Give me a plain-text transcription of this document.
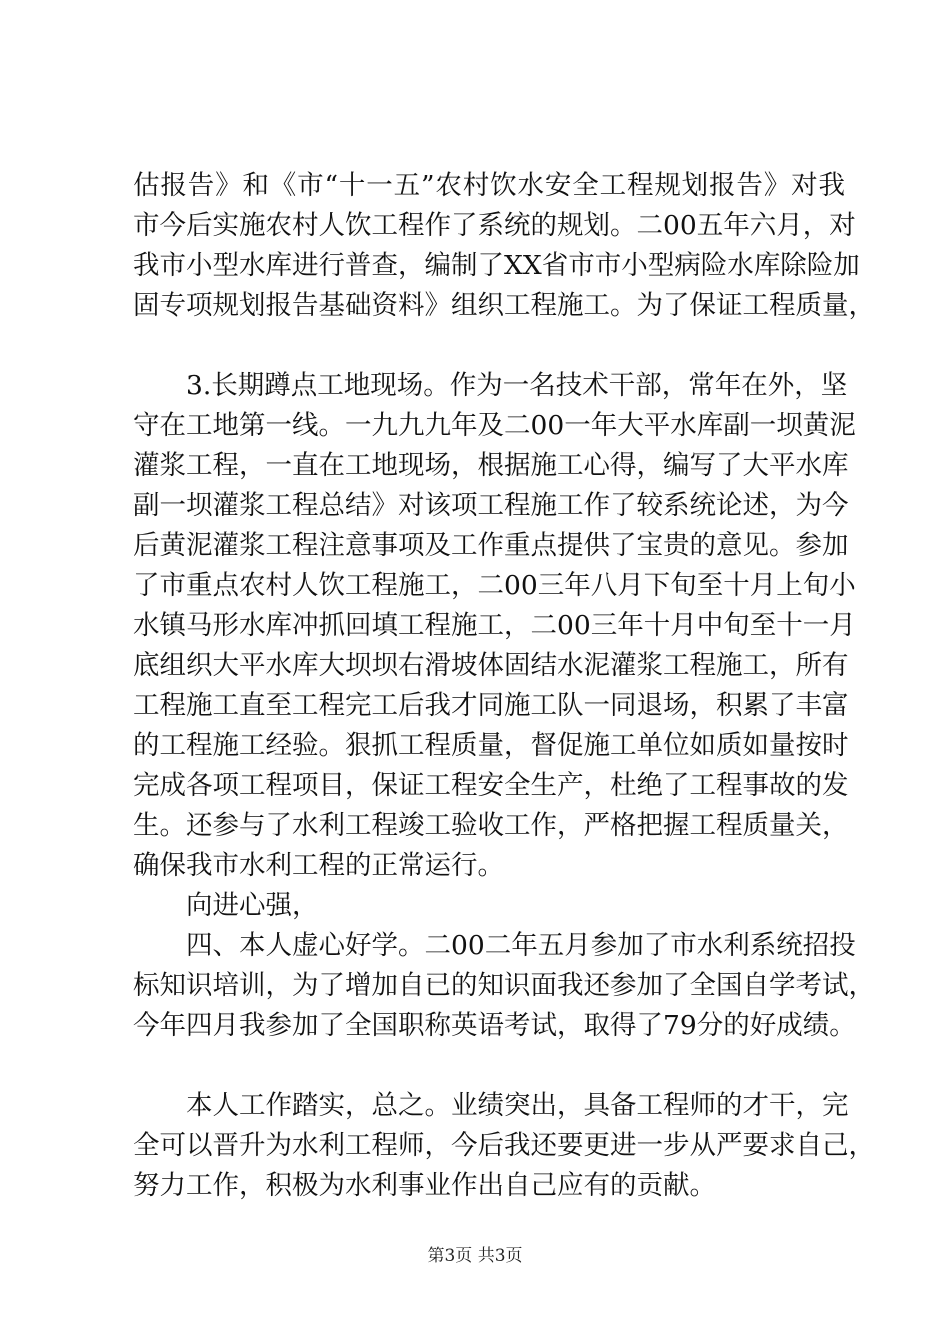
估报告》和《市“十一五”农村饮水安全工程规划报告》对我
市今后实施农村人饮工程作了系统的规划。二00五年六月，对
我市小型水库进行普查，编制了XX省市市小型病险水库除险加
固专项规划报告基础资料》组织工程施工。为了保证工程质量，
3.长期蹲点工地现场。作为一名技术干部，常年在外，坚
守在工地第一线。一九九九年及二00一年大平水库副一坝黄泥
灌浆工程，一直在工地现场，根据施工心得，编写了大平水库
副一坝灌浆工程总结》对该项工程施工作了较系统论述，为今
后黄泥灌浆工程注意事项及工作重点提供了宝贵的意见。参加
了市重点农村人饮工程施工，二00三年八月下旬至十月上旬小
水镇马形水库冲抓回填工程施工，二00三年十月中旬至十一月
底组织大平水库大坝坝右滑坡体固结水泥灌浆工程施工，所有
工程施工直至工程完工后我才同施工队一同退场，积累了丰富
的工程施工经验。狠抓工程质量，督促施工单位如质如量按时
完成各项工程项目，保证工程安全生产，杜绝了工程事故的发
生。还参与了水利工程竣工验收工作，严格把握工程质量关，
确保我市水利工程的正常运行。
向进心强，
四、本人虚心好学。二00二年五月参加了市水利系统招投
标知识培训，为了增加自已的知识面我还参加了全国自学考试，
今年四月我参加了全国职称英语考试，取得了79分的好成绩。
本人工作踏实，总之。业绩突出，具备工程师的才干，完
全可以晋升为水利工程师，今后我还要更进一步从严要求自己，
努力工作，积极为水利事业作出自己应有的贡献。
第3页 共3页
